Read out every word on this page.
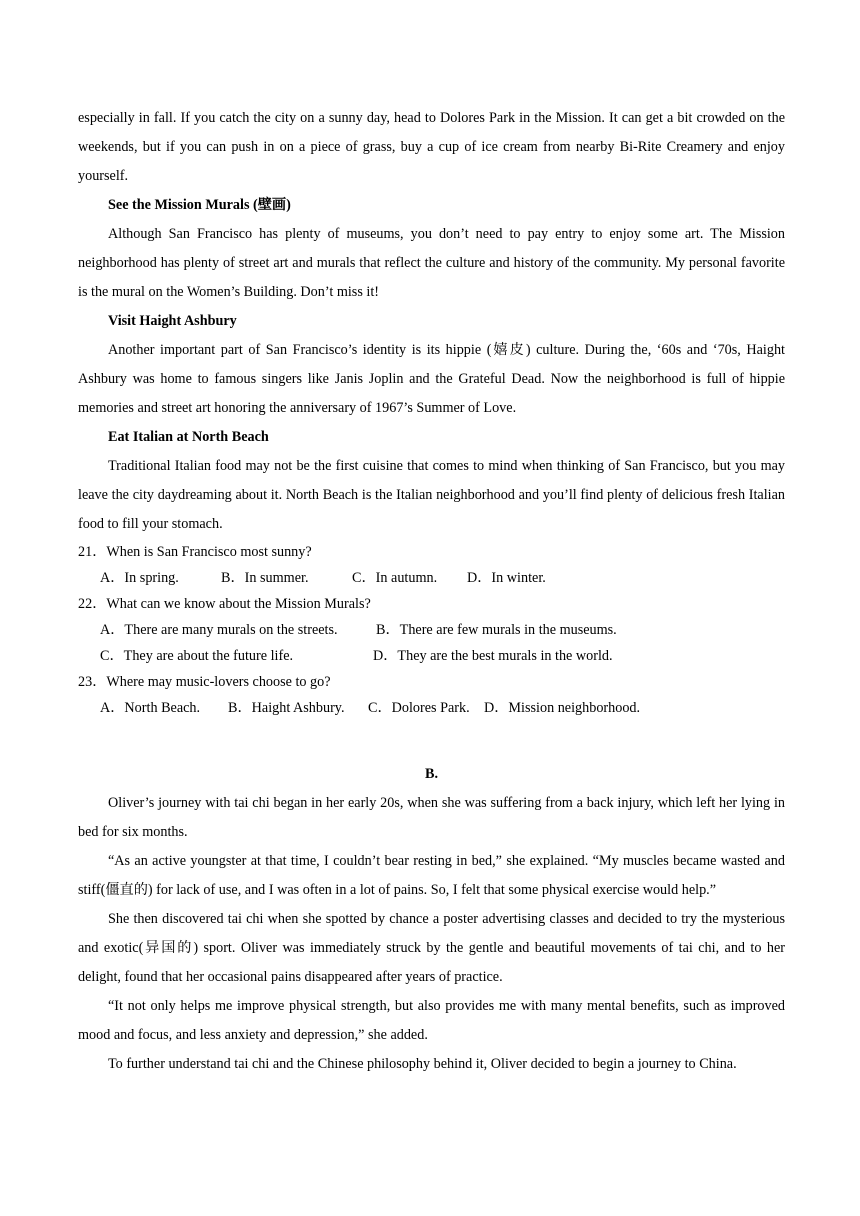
especially in fall. If you catch the city on a sunny day, head to Dolores Park in the Mission. It can get a bit crowded on the weekends, but if you can push in on a piece of grass, buy a cup of ice cream from nearby Bi-Rite Creamery and enjoy yourself.

See the Mission Murals (壁画)

Although San Francisco has plenty of museums, you don’t need to pay entry to enjoy some art. The Mission neighborhood has plenty of street art and murals that reflect the culture and history of the community. My personal favorite is the mural on the Women’s Building. Don’t miss it!

Visit Haight Ashbury

Another important part of San Francisco’s identity is its hippie (嬉皮) culture. During the, ‘60s and ‘70s, Haight Ashbury was home to famous singers like Janis Joplin and the Grateful Dead. Now the neighborhood is full of hippie memories and street art honoring the anniversary of 1967’s Summer of Love.

Eat Italian at North Beach

Traditional Italian food may not be the first cuisine that comes to mind when thinking of San Francisco, but you may leave the city daydreaming about it. North Beach is the Italian neighborhood and you’ll find plenty of delicious fresh Italian food to fill your stomach.

21．When is San Francisco most sunny?

A．In spring.	B．In summer.	C．In autumn. D．In winter.

22．What can we know about the Mission Murals?

A．There are many murals on the streets.	B．There are few murals in the museums.
C．They are about the future life.	D．They are the best murals in the world.

23．Where may music-lovers choose to go?

A．North Beach. B．Haight Ashbury. C．Dolores Park. D．Mission neighborhood.

B.

Oliver’s journey with tai chi began in her early 20s, when she was suffering from a back injury, which left her lying in bed for six months.

“As an active youngster at that time, I couldn’t bear resting in bed,” she explained. “My muscles became wasted and stiff(僵直的) for lack of use, and I was often in a lot of pains. So, I felt that some physical exercise would help.”

She then discovered tai chi when she spotted by chance a poster advertising classes and decided to try the mysterious and exotic(异国的) sport. Oliver was immediately struck by the gentle and beautiful movements of tai chi, and to her delight, found that her occasional pains disappeared after years of practice.

“It not only helps me improve physical strength, but also provides me with many mental benefits, such as improved mood and focus, and less anxiety and depression,” she added.

To further understand tai chi and the Chinese philosophy behind it, Oliver decided to begin a journey to China.
